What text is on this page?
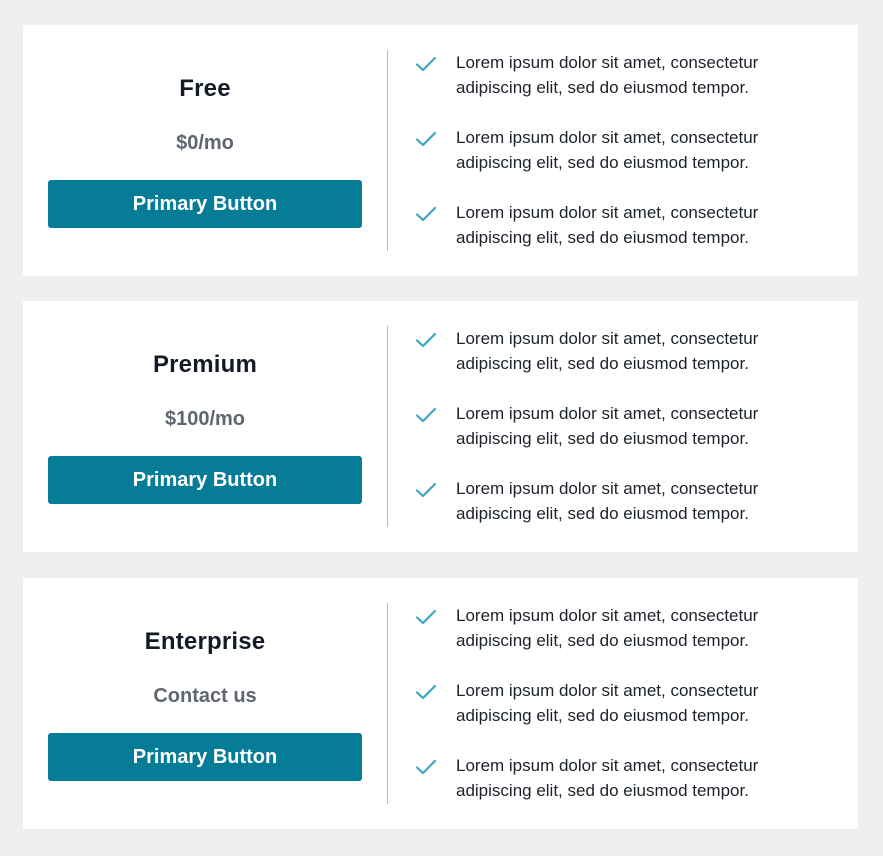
Free
$0/mo
Primary Button
Lorem ipsum dolor sit amet, consectetur adipiscing elit, sed do eiusmod tempor.
Lorem ipsum dolor sit amet, consectetur adipiscing elit, sed do eiusmod tempor.
Lorem ipsum dolor sit amet, consectetur adipiscing elit, sed do eiusmod tempor.
Premium
$100/mo
Primary Button
Lorem ipsum dolor sit amet, consectetur adipiscing elit, sed do eiusmod tempor.
Lorem ipsum dolor sit amet, consectetur adipiscing elit, sed do eiusmod tempor.
Lorem ipsum dolor sit amet, consectetur adipiscing elit, sed do eiusmod tempor.
Enterprise
Contact us
Primary Button
Lorem ipsum dolor sit amet, consectetur adipiscing elit, sed do eiusmod tempor.
Lorem ipsum dolor sit amet, consectetur adipiscing elit, sed do eiusmod tempor.
Lorem ipsum dolor sit amet, consectetur adipiscing elit, sed do eiusmod tempor.
